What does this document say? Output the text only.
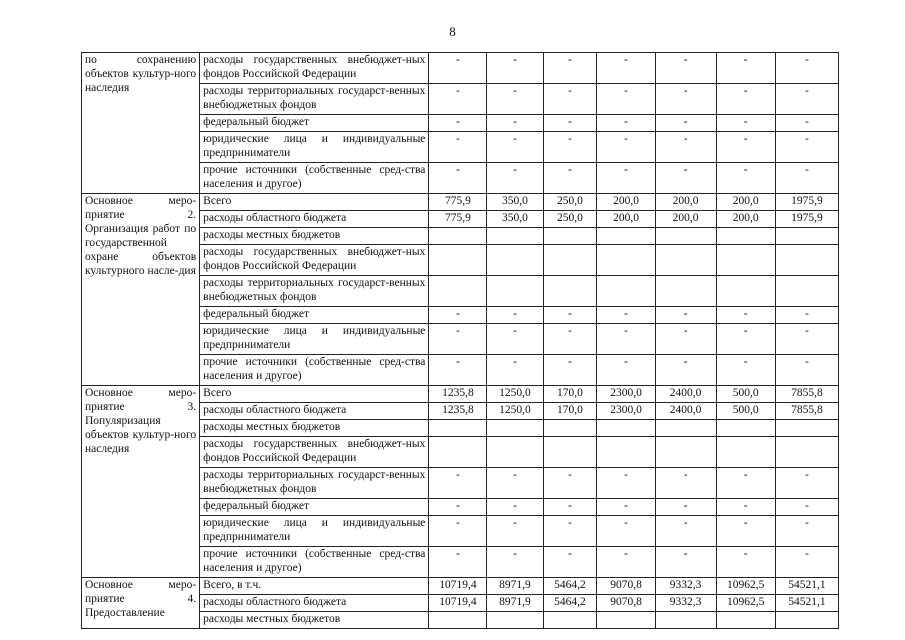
8
по сохранению объектов культур-ного наследия	расходы государственных внебюджет-ных фондов Российской Федерации	-	-	-	-	-	-	-
	расходы территориальных государст-венных внебюджетных фондов	-	-	-	-	-	-	-
	федеральный бюджет	-	-	-	-	-	-	-
	юридические лица и индивидуальные предприниматели	-	-	-	-	-	-	-
	прочие источники (собственные сред-ства населения и другое)	-	-	-	-	-	-	-
Основное меро-приятие 2. Организация работ по государственной охране объектов культурного насле-дия	Всего	775,9	350,0	250,0	200,0	200,0	200,0	1975,9
	расходы областного бюджета	775,9	350,0	250,0	200,0	200,0	200,0	1975,9
	расходы местных бюджетов							
	расходы государственных внебюджет-ных фондов Российской Федерации							
	расходы территориальных государст-венных внебюджетных фондов							
	федеральный бюджет	-	-	-	-	-	-	-
	юридические лица и индивидуальные предприниматели	-	-	-	-	-	-	-
	прочие источники (собственные сред-ства населения и другое)	-	-	-	-	-	-	-
Основное меро-приятие 3. Популяризация объектов культур-ного наследия	Всего	1235,8	1250,0	170,0	2300,0	2400,0	500,0	7855,8
	расходы областного бюджета	1235,8	1250,0	170,0	2300,0	2400,0	500,0	7855,8
	расходы местных бюджетов							
	расходы государственных внебюджет-ных фондов Российской Федерации							
	расходы территориальных государст-венных внебюджетных фондов	-	-	-	-	-	-	-
	федеральный бюджет	-	-	-	-	-	-	-
	юридические лица и индивидуальные предприниматели	-	-	-	-	-	-	-
	прочие источники (собственные сред-ства населения и другое)	-	-	-	-	-	-	-
Основное меро-приятие 4. Предоставление	Всего, в т.ч.	10719,4	8971,9	5464,2	9070,8	9332,3	10962,5	54521,1
	расходы областного бюджета	10719,4	8971,9	5464,2	9070,8	9332,3	10962,5	54521,1
	расходы местных бюджетов							
